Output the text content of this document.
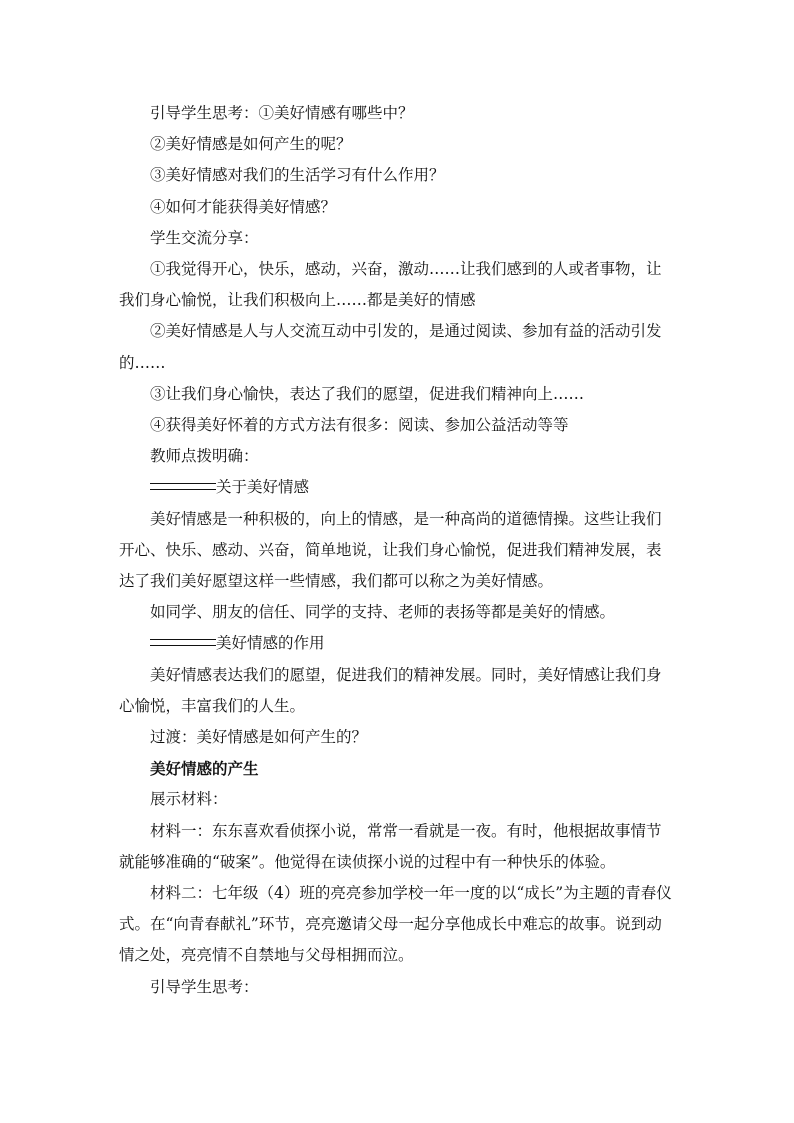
引导学生思考：①美好情感有哪些中？

②美好情感是如何产生的呢？

③美好情感对我们的生活学习有什么作用？

④如何才能获得美好情感？

学生交流分享：

①我觉得开心，快乐，感动，兴奋，激动……让我们感到的人或者事物，让我们身心愉悦，让我们积极向上……都是美好的情感

②美好情感是人与人交流互动中引发的，是通过阅读、参加有益的活动引发的……

③让我们身心愉快，表达了我们的愿望，促进我们精神向上……

④获得美好怀着的方式方法有很多：阅读、参加公益活动等等

教师点拨明确：

关于美好情感

美好情感是一种积极的，向上的情感，是一种高尚的道德情操。这些让我们开心、快乐、感动、兴奋，简单地说，让我们身心愉悦，促进我们精神发展，表达了我们美好愿望这样一些情感，我们都可以称之为美好情感。

如同学、朋友的信任、同学的支持、老师的表扬等都是美好的情感。

美好情感的作用

美好情感表达我们的愿望，促进我们的精神发展。同时，美好情感让我们身心愉悦，丰富我们的人生。

过渡：美好情感是如何产生的？

美好情感的产生

展示材料：

材料一：东东喜欢看侦探小说，常常一看就是一夜。有时，他根据故事情节就能够准确的“破案”。他觉得在读侦探小说的过程中有一种快乐的体验。

材料二：七年级（4）班的亮亮参加学校一年一度的以“成长”为主题的青春仪式。在“向青春献礼”环节，亮亮邀请父母一起分享他成长中难忘的故事。说到动情之处，亮亮情不自禁地与父母相拥而泣。

引导学生思考：
